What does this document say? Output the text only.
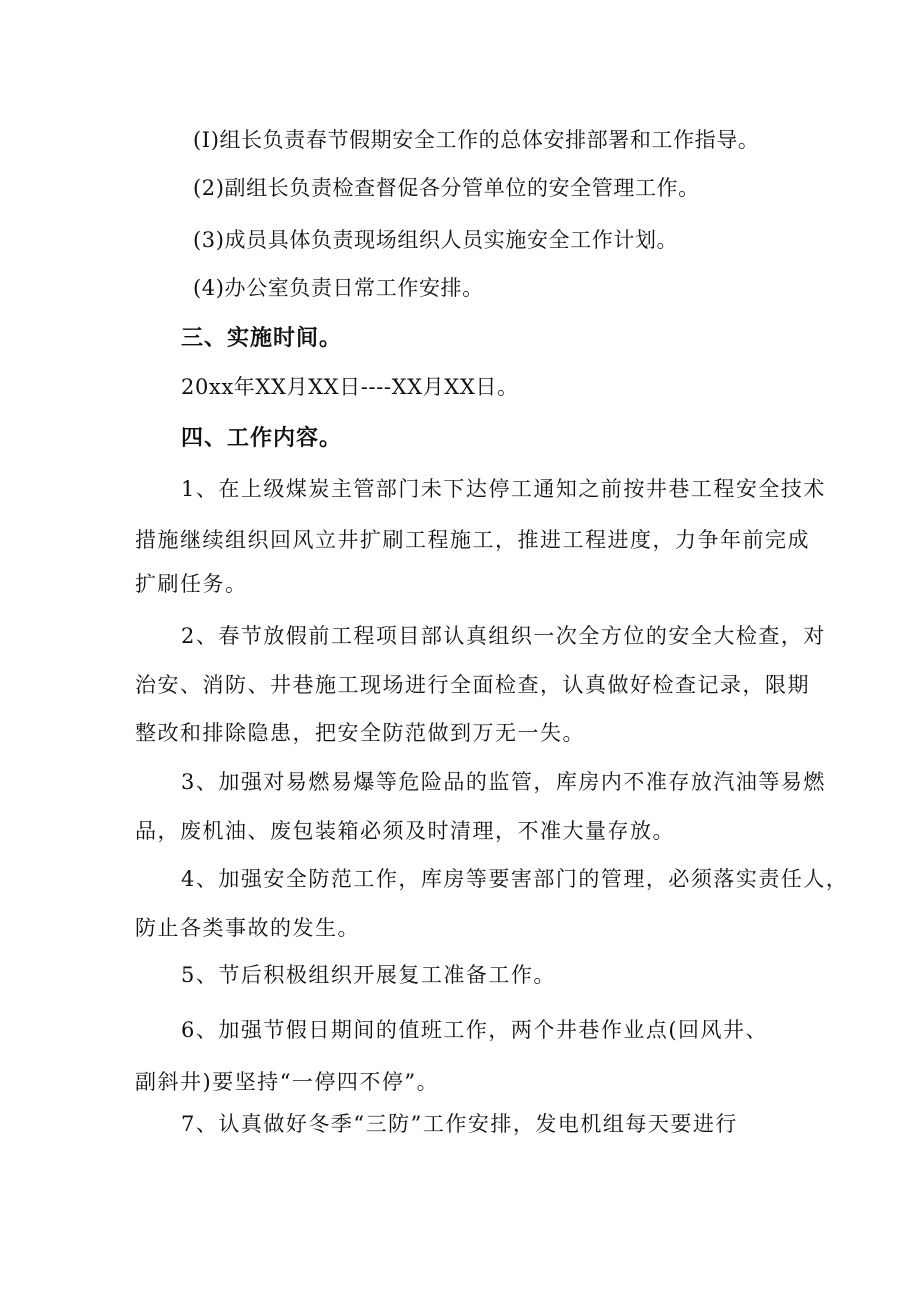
(I)组长负责春节假期安全工作的总体安排部署和工作指导。
(2)副组长负责检查督促各分管单位的安全管理工作。
(3)成员具体负责现场组织人员实施安全工作计划。
(4)办公室负责日常工作安排。
三、实施时间。
20xx年XX月XX日----XX月XX日。
四、工作内容。
1、在上级煤炭主管部门未下达停工通知之前按井巷工程安全技术
措施继续组织回风立井扩刷工程施工，推进工程进度，力争年前完成
扩刷任务。
2、春节放假前工程项目部认真组织一次全方位的安全大检查，对
治安、消防、井巷施工现场进行全面检查，认真做好检查记录，限期
整改和排除隐患，把安全防范做到万无一失。
3、加强对易燃易爆等危险品的监管，库房内不准存放汽油等易燃
品，废机油、废包装箱必须及时清理，不准大量存放。
4、加强安全防范工作，库房等要害部门的管理，必须落实责任人，
防止各类事故的发生。
5、节后积极组织开展复工准备工作。
6、加强节假日期间的值班工作，两个井巷作业点(回风井、
副斜井)要坚持“一停四不停”。
7、认真做好冬季“三防”工作安排，发电机组每天要进行
